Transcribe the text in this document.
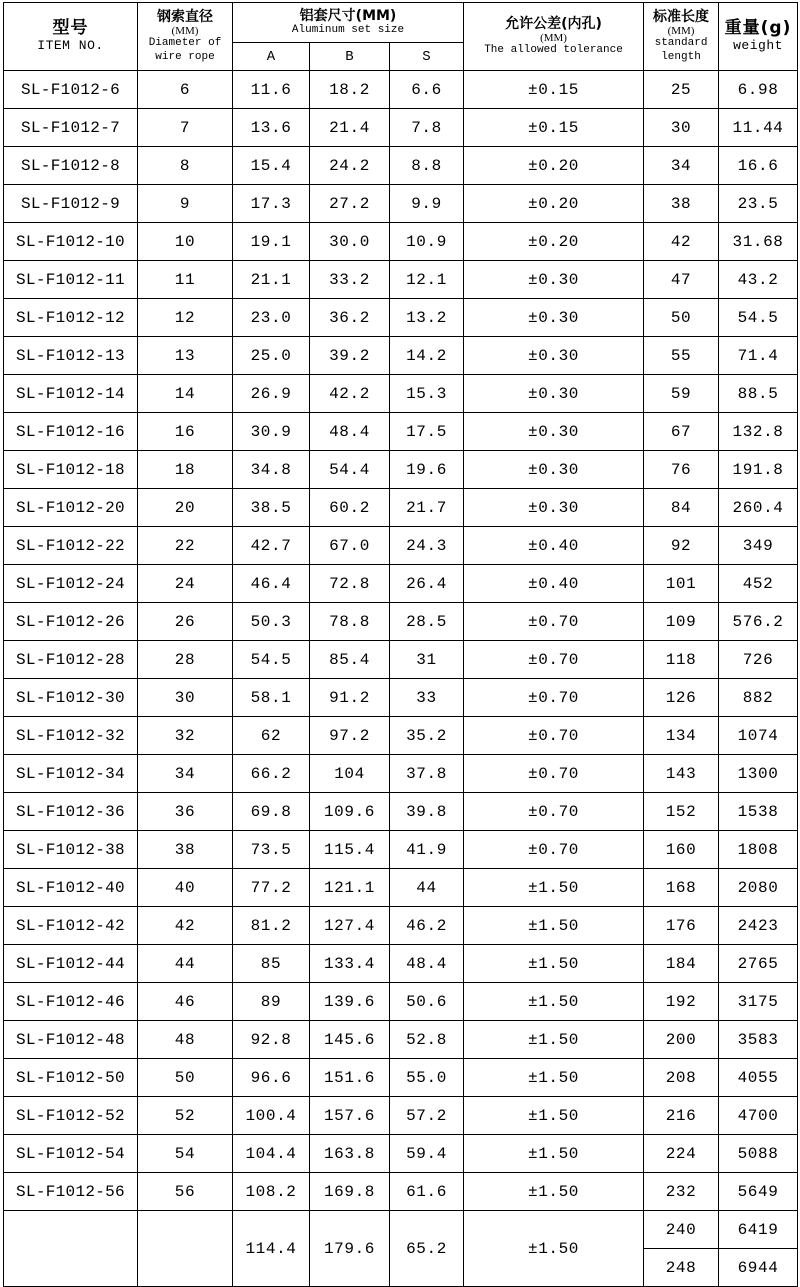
型号
ITEM NO.	钢索直径
(MM)
Diameter of
wire rope	铝套尺寸(MM)
Aluminum set size			允许公差(内孔)
(MM)
The allowed tolerance	标准长度
(MM)
standard
length	重量(g)
weight

		A	B	S			
SL-F1012-6	6	11.6	18.2	6.6	±0.15	25	6.98
SL-F1012-7	7	13.6	21.4	7.8	±0.15	30	11.44
SL-F1012-8	8	15.4	24.2	8.8	±0.20	34	16.6
SL-F1012-9	9	17.3	27.2	9.9	±0.20	38	23.5
SL-F1012-10	10	19.1	30.0	10.9	±0.20	42	31.68
SL-F1012-11	11	21.1	33.2	12.1	±0.30	47	43.2
SL-F1012-12	12	23.0	36.2	13.2	±0.30	50	54.5
SL-F1012-13	13	25.0	39.2	14.2	±0.30	55	71.4
SL-F1012-14	14	26.9	42.2	15.3	±0.30	59	88.5
SL-F1012-16	16	30.9	48.4	17.5	±0.30	67	132.8
SL-F1012-18	18	34.8	54.4	19.6	±0.30	76	191.8
SL-F1012-20	20	38.5	60.2	21.7	±0.30	84	260.4
SL-F1012-22	22	42.7	67.0	24.3	±0.40	92	349
SL-F1012-24	24	46.4	72.8	26.4	±0.40	101	452
SL-F1012-26	26	50.3	78.8	28.5	±0.70	109	576.2
SL-F1012-28	28	54.5	85.4	31	±0.70	118	726
SL-F1012-30	30	58.1	91.2	33	±0.70	126	882
SL-F1012-32	32	62	97.2	35.2	±0.70	134	1074
SL-F1012-34	34	66.2	104	37.8	±0.70	143	1300
SL-F1012-36	36	69.8	109.6	39.8	±0.70	152	1538
SL-F1012-38	38	73.5	115.4	41.9	±0.70	160	1808
SL-F1012-40	40	77.2	121.1	44	±1.50	168	2080
SL-F1012-42	42	81.2	127.4	46.2	±1.50	176	2423
SL-F1012-44	44	85	133.4	48.4	±1.50	184	2765
SL-F1012-46	46	89	139.6	50.6	±1.50	192	3175
SL-F1012-48	48	92.8	145.6	52.8	±1.50	200	3583
SL-F1012-50	50	96.6	151.6	55.0	±1.50	208	4055
SL-F1012-52	52	100.4	157.6	57.2	±1.50	216	4700
SL-F1012-54	54	104.4	163.8	59.4	±1.50	224	5088
SL-F1012-56	56	108.2	169.8	61.6	±1.50	232	5649
		114.4	179.6	65.2	±1.50	240	6419
						248	6944
